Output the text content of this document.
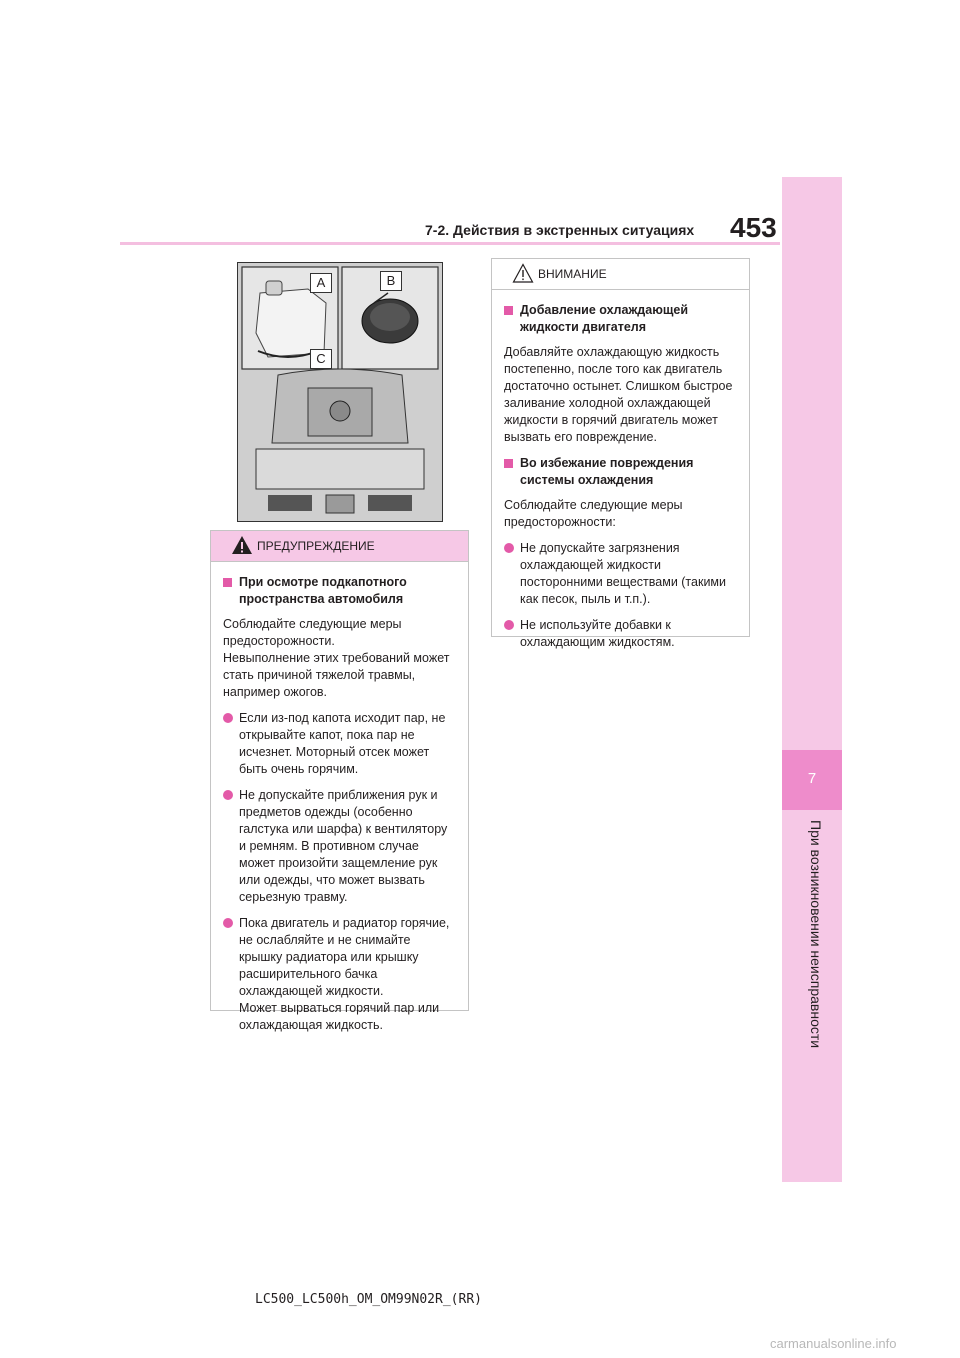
7-2. Действия в экстренных ситуациях 453
7
При возникновении неисправности
A	B
C
ПРЕДУПРЕЖДЕНИЕ
При осмотре подкапотного пространства автомобиля

Соблюдайте следующие меры предосторожности.
Невыполнение этих требований может стать причиной тяжелой травмы, например ожогов.

Если из-под капота исходит пар, не открывайте капот, пока пар не исчезнет. Моторный отсек может быть очень горячим.
Не допускайте приближения рук и предметов одежды (особенно галстука или шарфа) к вентилятору и ремням. В противном случае может произойти защемление рук или одежды, что может вызвать серьезную травму.
Пока двигатель и радиатор горячие, не ослабляйте и не снимайте крышку радиатора или крышку расширительного бачка охлаждающей жидкости.
Может вырваться горячий пар или охлаждающая жидкость.
ВНИМАНИЕ
Добавление охлаждающей жидкости двигателя

Добавляйте охлаждающую жидкость постепенно, после того как двигатель достаточно остынет. Слишком быстрое заливание холодной охлаждающей жидкости в горячий двигатель может вызвать его повреждение.

Во избежание повреждения системы охлаждения

Соблюдайте следующие меры предосторожности:

Не допускайте загрязнения охлаждающей жидкости посторонними веществами (такими как песок, пыль и т.п.).
Не используйте добавки к охлаждающим жидкостям.
LC500_LC500h_OM_OM99N02R_(RR)
carmanualsonline.info
